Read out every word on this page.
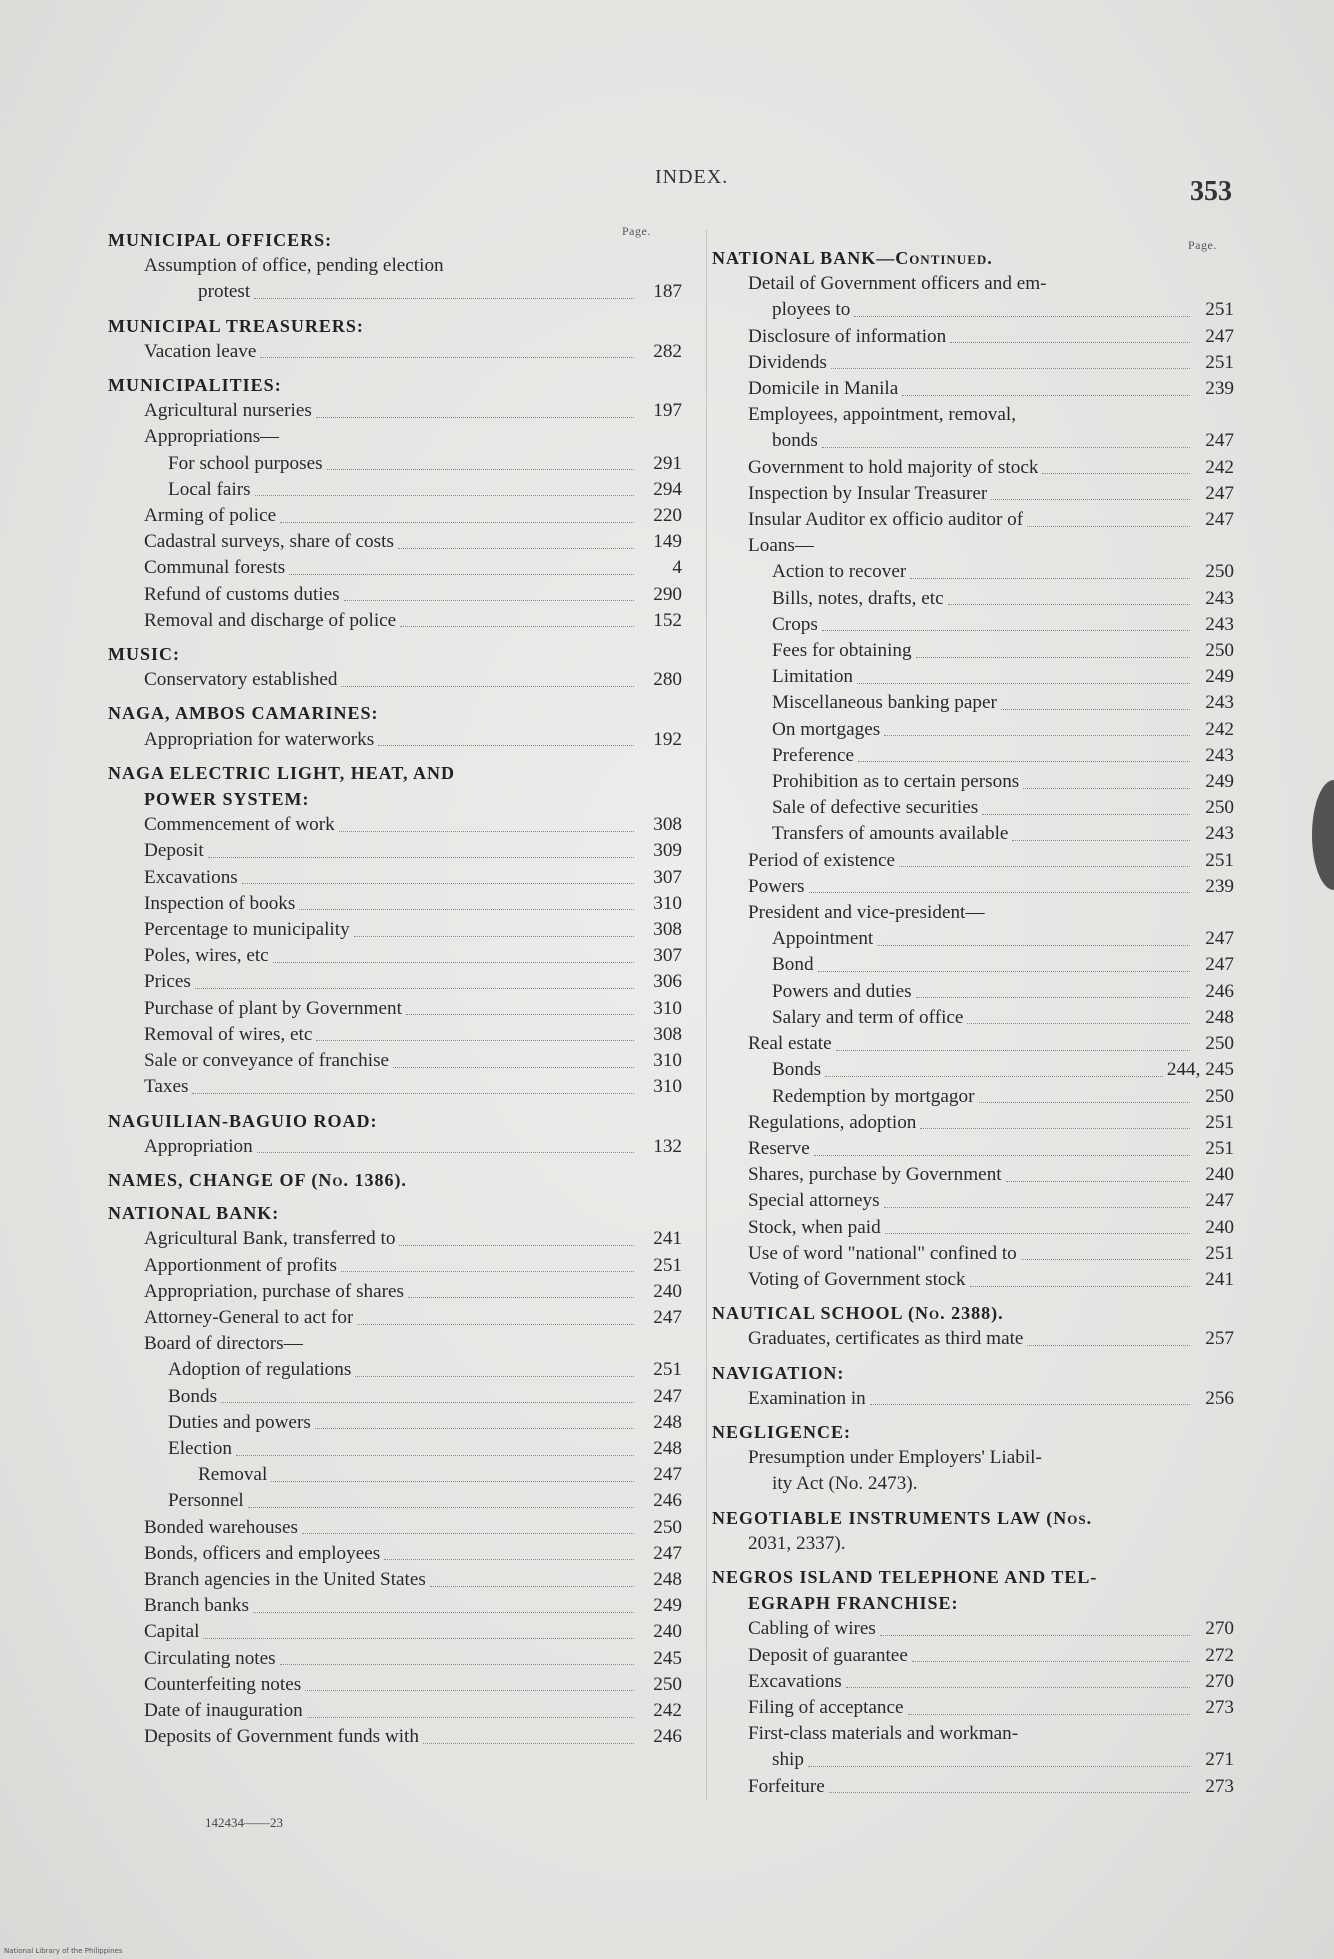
INDEX.	353
Page.
Page.
MUNICIPAL OFFICERS:
Assumption of office, pending election
protest	187
MUNICIPAL TREASURERS:
Vacation leave	282
MUNICIPALITIES:
Agricultural nurseries	197
Appropriations—
For school purposes	291
Local fairs	294
Arming of police	220
Cadastral surveys, share of costs	149
Communal forests	4
Refund of customs duties	290
Removal and discharge of police	152
MUSIC:
Conservatory established	280
NAGA, AMBOS CAMARINES:
Appropriation for waterworks	192
NAGA ELECTRIC LIGHT, HEAT, AND
POWER SYSTEM:
Commencement of work	308
Deposit	309
Excavations	307
Inspection of books	310
Percentage to municipality	308
Poles, wires, etc	307
Prices	306
Purchase of plant by Government	310
Removal of wires, etc	308
Sale or conveyance of franchise	310
Taxes	310
NAGUILIAN-BAGUIO ROAD:
Appropriation	132
NAMES, CHANGE OF (No. 1386).
NATIONAL BANK:
Agricultural Bank, transferred to	241
Apportionment of profits	251
Appropriation, purchase of shares	240
Attorney-General to act for	247
Board of directors—
Adoption of regulations	251
Bonds	247
Duties and powers	248
Election	248
Removal	247
Personnel	246
Bonded warehouses	250
Bonds, officers and employees	247
Branch agencies in the United States	248
Branch banks	249
Capital	240
Circulating notes	245
Counterfeiting notes	250
Date of inauguration	242
Deposits of Government funds with	246
NATIONAL BANK—Continued.
Detail of Government officers and em-
ployees to	251
Disclosure of information	247
Dividends	251
Domicile in Manila	239
Employees, appointment, removal,
bonds	247
Government to hold majority of stock	242
Inspection by Insular Treasurer	247
Insular Auditor ex officio auditor of	247
Loans—
Action to recover	250
Bills, notes, drafts, etc	243
Crops	243
Fees for obtaining	250
Limitation	249
Miscellaneous banking paper	243
On mortgages	242
Preference	243
Prohibition as to certain persons	249
Sale of defective securities	250
Transfers of amounts available	243
Period of existence	251
Powers	239
President and vice-president—
Appointment	247
Bond	247
Powers and duties	246
Salary and term of office	248
Real estate	250
Bonds	244, 245
Redemption by mortgagor	250
Regulations, adoption	251
Reserve	251
Shares, purchase by Government	240
Special attorneys	247
Stock, when paid	240
Use of word "national" confined to	251
Voting of Government stock	241
NAUTICAL SCHOOL (No. 2388).
Graduates, certificates as third mate	257
NAVIGATION:
Examination in	256
NEGLIGENCE:
Presumption under Employers' Liabil-
ity Act (No. 2473).
NEGOTIABLE INSTRUMENTS LAW (Nos.
2031, 2337).
NEGROS ISLAND TELEPHONE AND TEL-
EGRAPH FRANCHISE:
Cabling of wires	270
Deposit of guarantee	272
Excavations	270
Filing of acceptance	273
First-class materials and workman-
ship	271
Forfeiture	273
142434——23
National Library of the Philippines
